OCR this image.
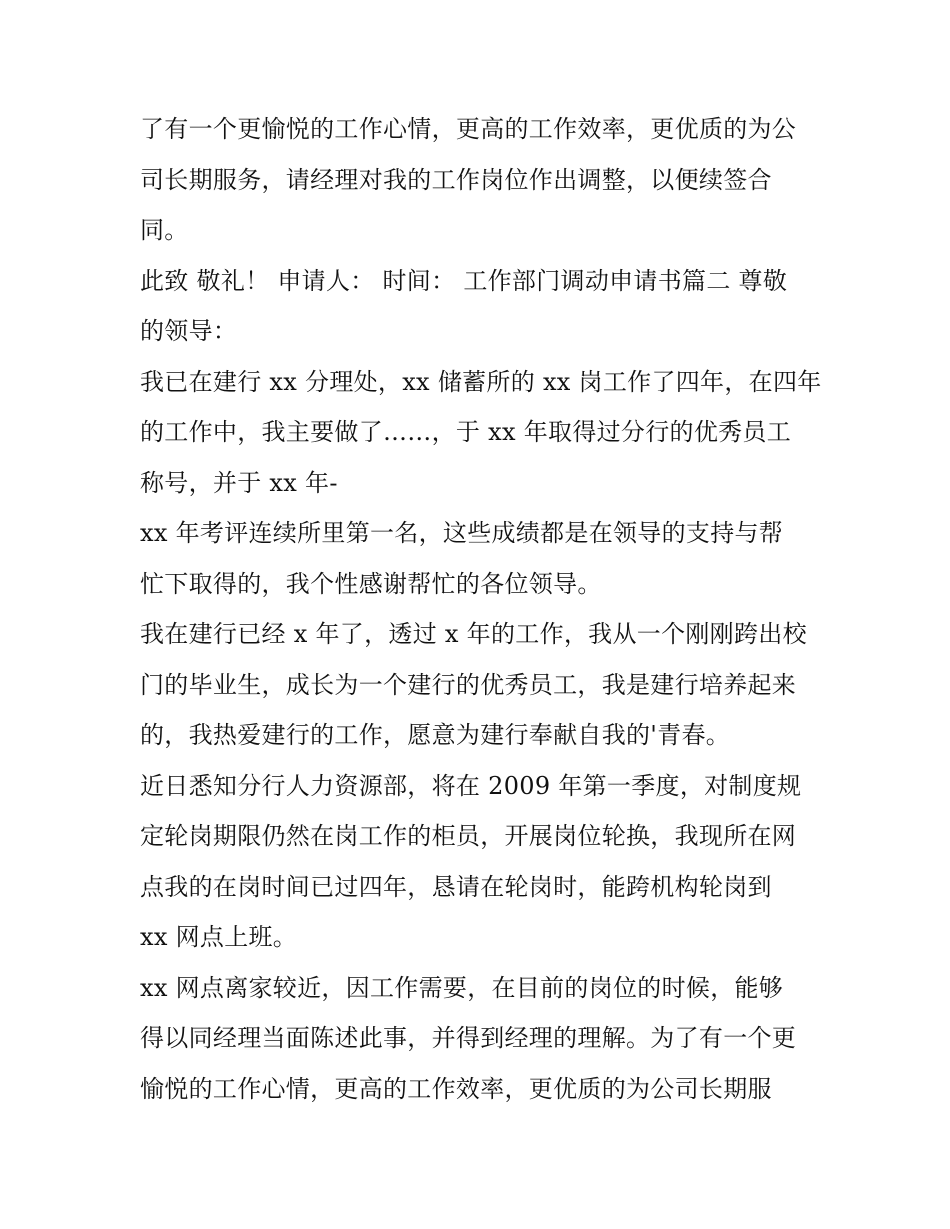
了有一个更愉悦的工作心情，更高的工作效率，更优质的为公
司长期服务，请经理对我的工作岗位作出调整，以便续签合
同。
此致 敬礼！ 申请人： 时间： 工作部门调动申请书篇二 尊敬
的领导：
我已在建行 xx 分理处，xx 储蓄所的 xx 岗工作了四年，在四年
的工作中，我主要做了……，于 xx 年取得过分行的优秀员工
称号，并于 xx 年-
xx 年考评连续所里第一名，这些成绩都是在领导的支持与帮
忙下取得的，我个性感谢帮忙的各位领导。
我在建行已经 x 年了，透过 x 年的工作，我从一个刚刚跨出校
门的毕业生，成长为一个建行的优秀员工，我是建行培养起来
的，我热爱建行的工作，愿意为建行奉献自我的'青春。
近日悉知分行人力资源部，将在 2009 年第一季度，对制度规
定轮岗期限仍然在岗工作的柜员，开展岗位轮换，我现所在网
点我的在岗时间已过四年，恳请在轮岗时，能跨机构轮岗到
xx 网点上班。
xx 网点离家较近，因工作需要，在目前的岗位的时候，能够
得以同经理当面陈述此事，并得到经理的理解。为了有一个更
愉悦的工作心情，更高的工作效率，更优质的为公司长期服
